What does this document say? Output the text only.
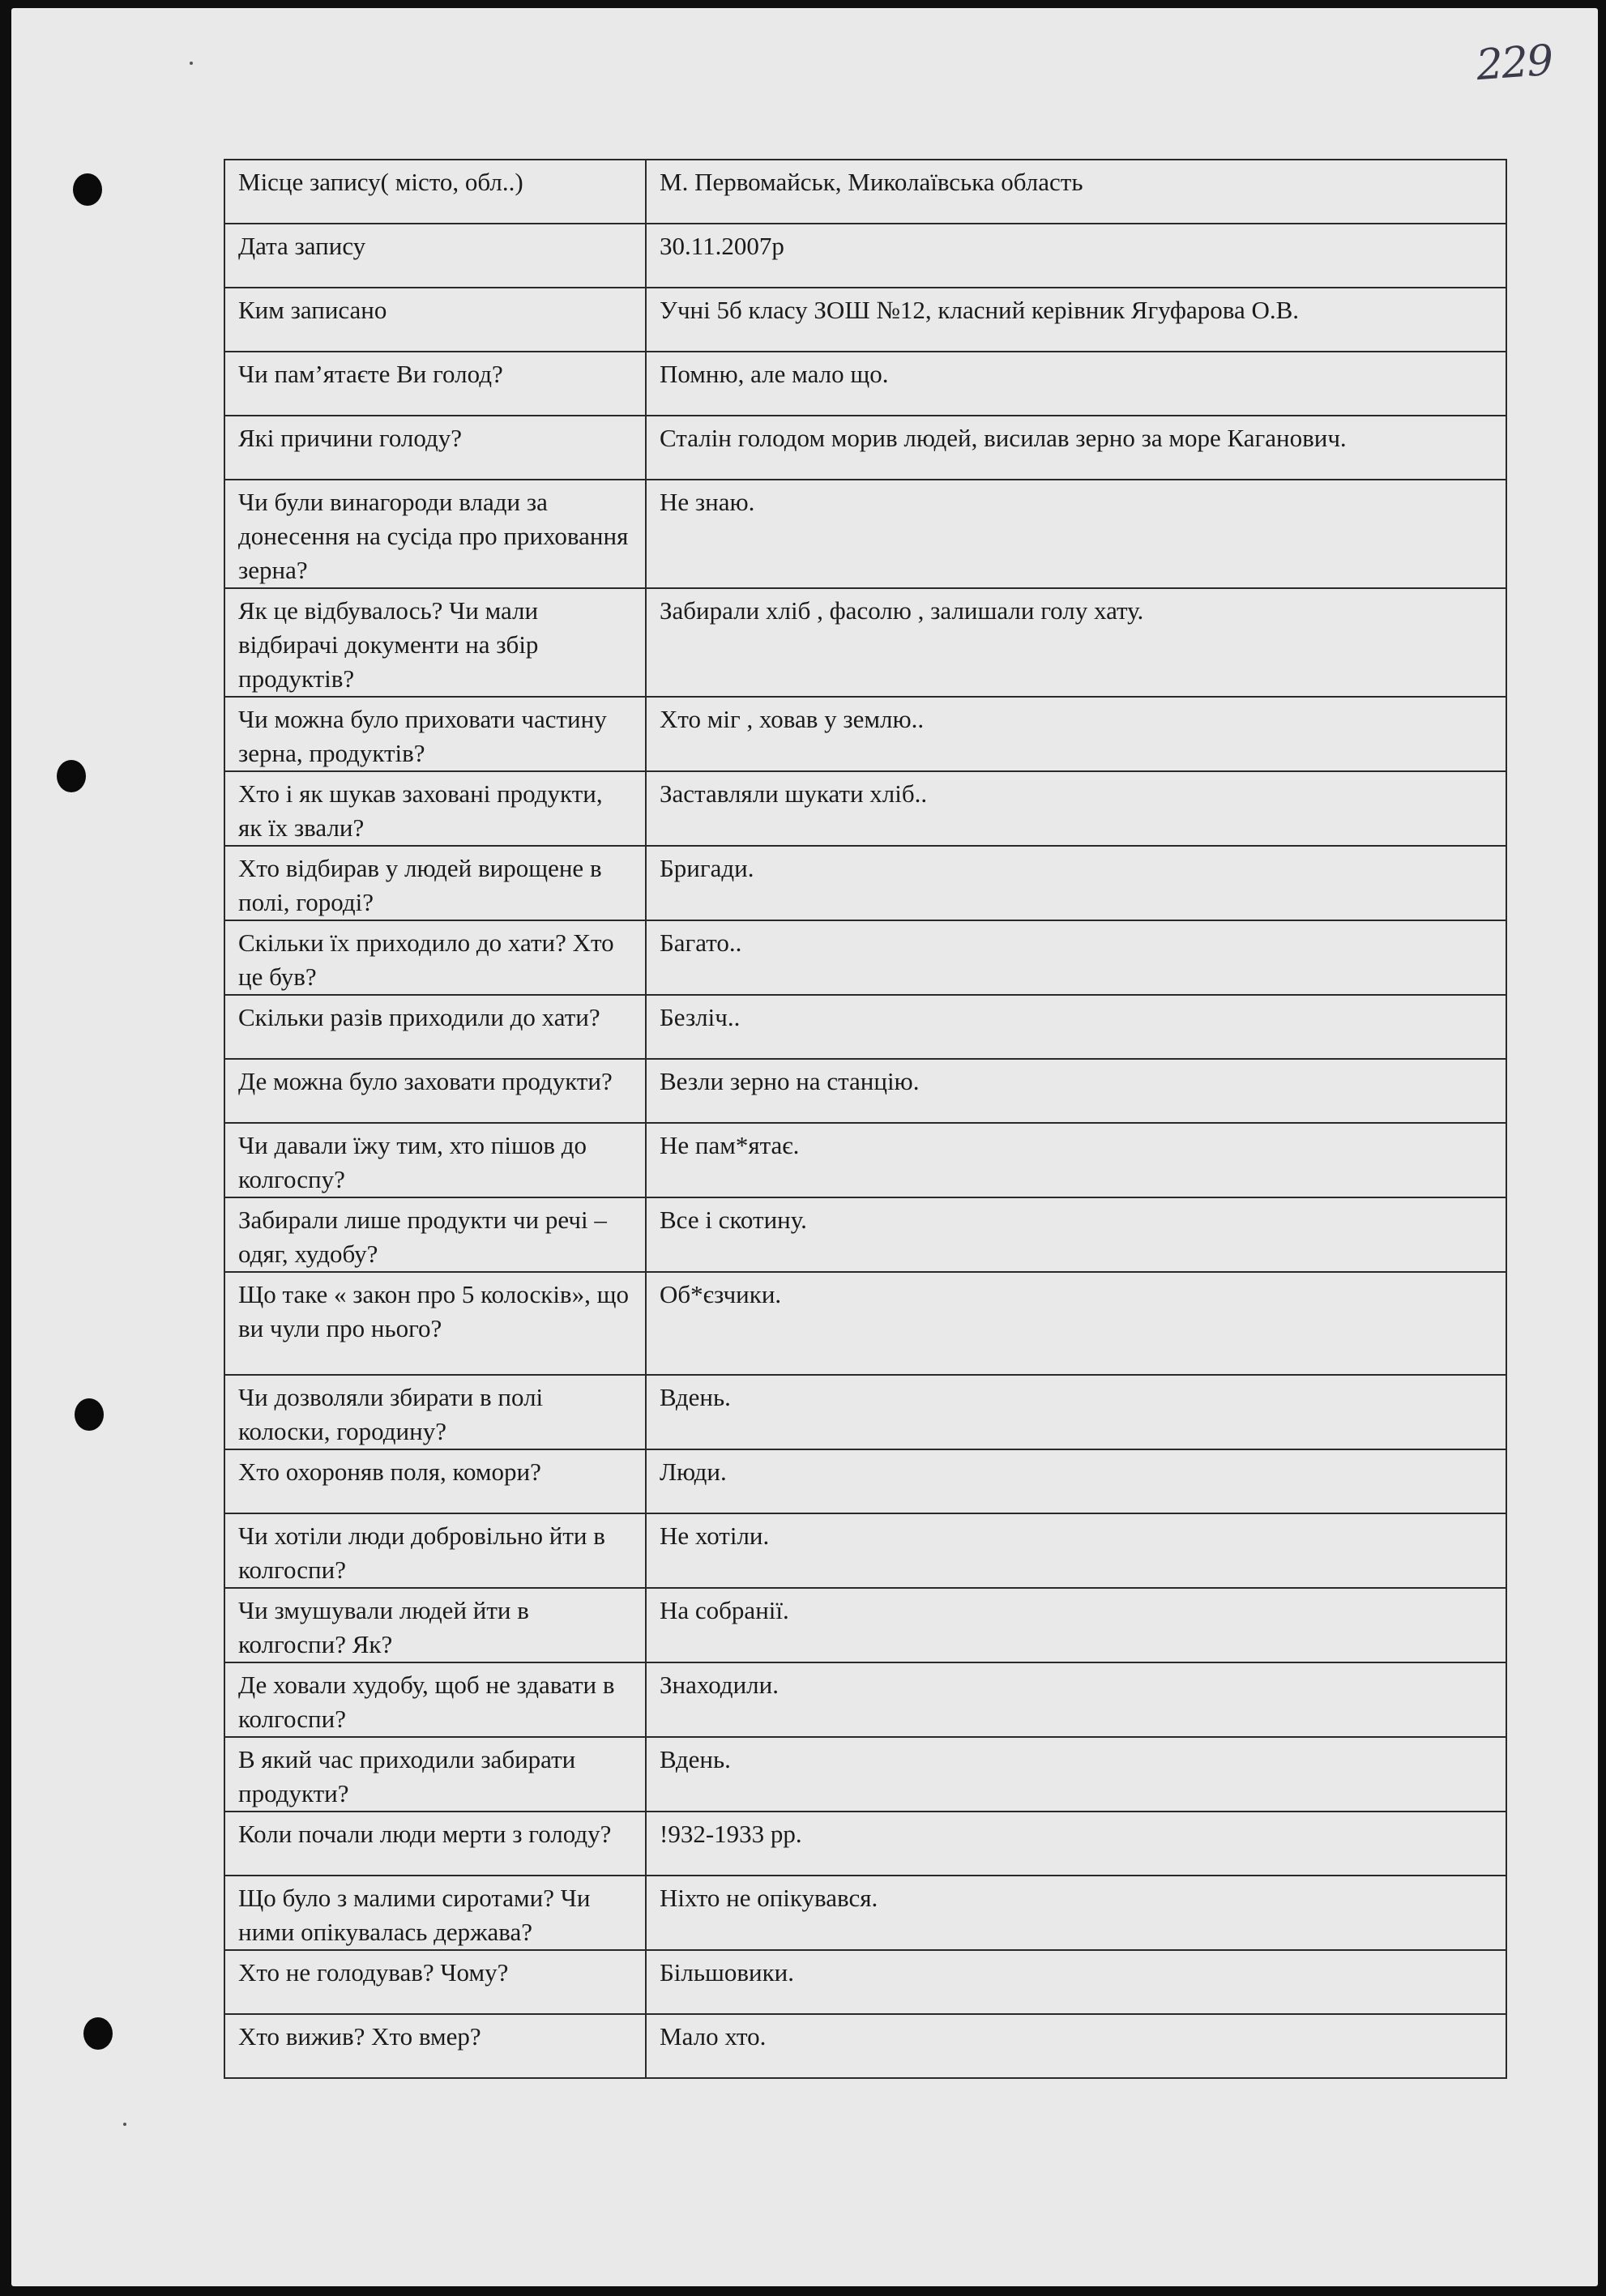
229
Місце запису( місто, обл..)	М. Первомайськ, Миколаївська область
Дата запису	30.11.2007р
Ким записано	Учні 5б класу ЗОШ №12, класний керівник Ягуфарова О.В.
Чи пам’ятаєте Ви голод?	Помню, але мало що.
Які причини голоду?	Сталін голодом морив людей, висилав зерно за море Каганович.
Чи були винагороди влади за донесення на сусіда про приховання зерна?	Не знаю.
Як це відбувалось? Чи мали відбирачі документи на збір продуктів?	Забирали хліб , фасолю , залишали голу хату.
Чи можна було приховати частину зерна, продуктів?	Хто міг , ховав у землю..
Хто і як шукав заховані продукти, як їх звали?	Заставляли шукати хліб..
Хто відбирав у людей вирощене в полі, городі?	Бригади.
Скільки їх приходило до хати? Хто це був?	Багато..
Скільки разів приходили до хати?	Безліч..
Де можна було заховати продукти?	Везли зерно на станцію.
Чи давали їжу тим, хто пішов до колгоспу?	Не пам*ятає.
Забирали лише продукти чи речі – одяг, худобу?	Все і скотину.
Що таке « закон про 5 колосків», що ви чули про нього?	Об*єзчики.
Чи дозволяли збирати в полі колоски, городину?	Вдень.
Хто охороняв поля, комори?	Люди.
Чи хотіли люди добровільно йти в колгоспи?	Не хотіли.
Чи змушували людей йти в колгоспи? Як?	На собранії.
Де ховали худобу, щоб не здавати в колгоспи?	Знаходили.
В який час приходили забирати продукти?	Вдень.
Коли почали люди мерти з голоду?	!932-1933 рр.
Що було з малими сиротами? Чи ними опікувалась держава?	Ніхто не опікувався.
Хто не голодував? Чому?	Більшовики.
Хто вижив? Хто вмер?	Мало хто.
